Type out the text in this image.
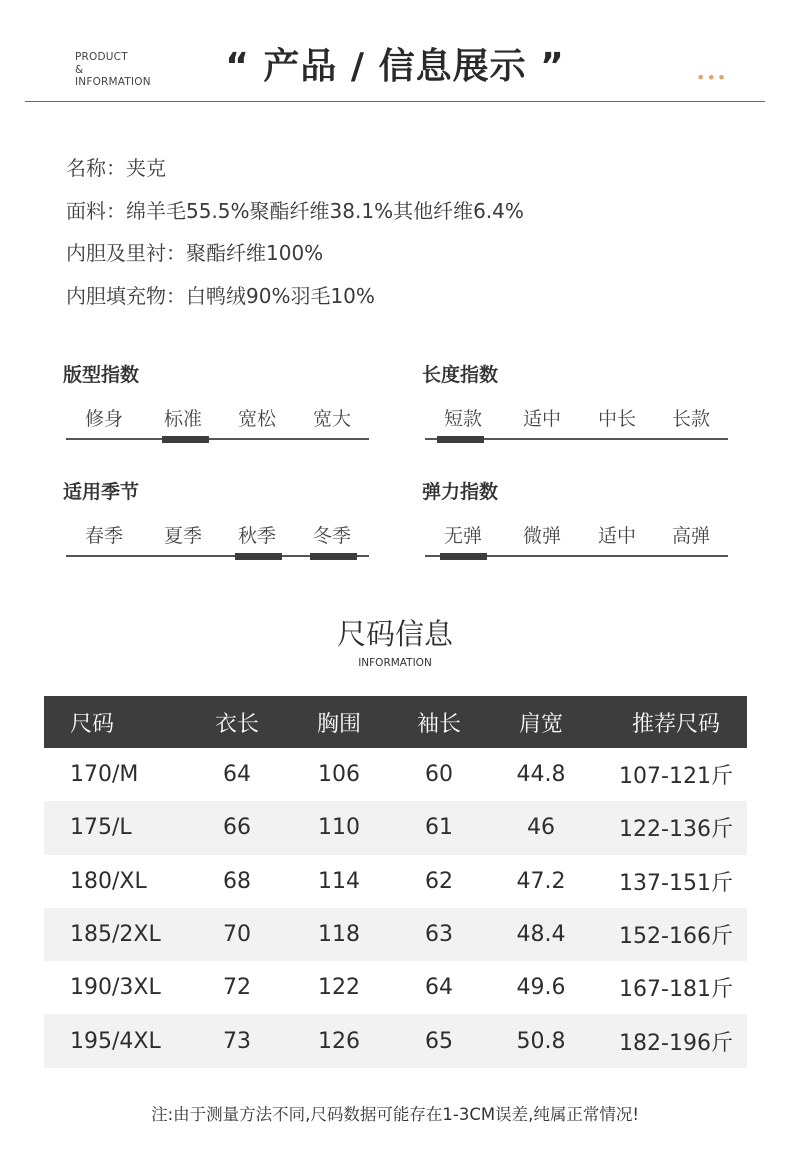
PRODUCT
&
INFORMATION	“ 产品 / 信息展示 ”	•••
名称：夹克
面料：绵羊毛55.5%聚酯纤维38.1%其他纤维6.4%
内胆及里衬：聚酯纤维100%
内胆填充物：白鸭绒90%羽毛10%
版型指数	长度指数
适用季节	弹力指数
修身	标准	宽松	宽大	短款	适中	中长	长款
春季	夏季	秋季	冬季	无弹	微弹	适中	高弹
尺码信息
INFORMATION
尺码	衣长	胸围	袖长	肩宽	推荐尺码
170/M	64	106	60	44.8	107-121斤
175/L	66	110	61	46	122-136斤
180/XL	68	114	62	47.2	137-151斤
185/2XL	70	118	63	48.4	152-166斤
190/3XL	72	122	64	49.6	167-181斤
195/4XL	73	126	65	50.8	182-196斤
注:由于测量方法不同,尺码数据可能存在1-3CM误差,纯属正常情况!
